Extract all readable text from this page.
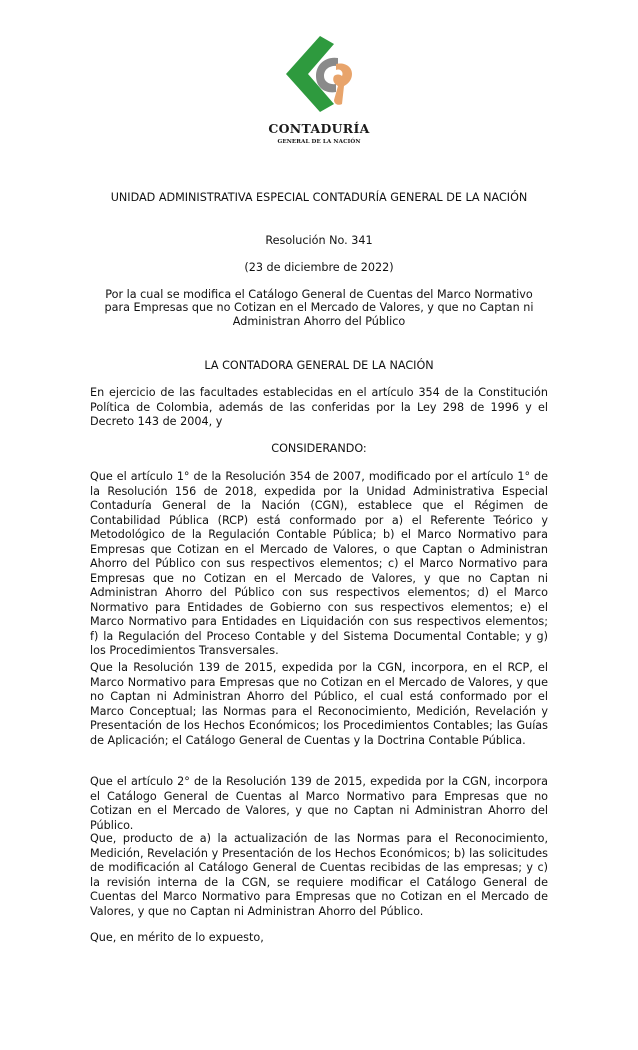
CONTADURÍA
GENERAL DE LA NACIÓN
UNIDAD ADMINISTRATIVA ESPECIAL CONTADURÍA GENERAL DE LA NACIÓN
Resolución No. 341
(23 de diciembre de 2022)
Por la cual se modifica el Catálogo General de Cuentas del Marco Normativo para Empresas que no Cotizan en el Mercado de Valores, y que no Captan ni Administran Ahorro del Público
LA CONTADORA GENERAL DE LA NACIÓN
En ejercicio de las facultades establecidas en el artículo 354 de la Constitución Política de Colombia, además de las conferidas por la Ley 298 de 1996 y el Decreto 143 de 2004, y
CONSIDERANDO:
Que el artículo 1° de la Resolución 354 de 2007, modificado por el artículo 1° de la Resolución 156 de 2018, expedida por la Unidad Administrativa Especial Contaduría General de la Nación (CGN), establece que el Régimen de Contabilidad Pública (RCP) está conformado por a) el Referente Teórico y Metodológico de la Regulación Contable Pública; b) el Marco Normativo para Empresas que Cotizan en el Mercado de Valores, o que Captan o Administran Ahorro del Público con sus respectivos elementos; c) el Marco Normativo para Empresas que no Cotizan en el Mercado de Valores, y que no Captan ni Administran Ahorro del Público con sus respectivos elementos; d) el Marco Normativo para Entidades de Gobierno con sus respectivos elementos; e) el Marco Normativo para Entidades en Liquidación con sus respectivos elementos; f) la Regulación del Proceso Contable y del Sistema Documental Contable; y g) los Procedimientos Transversales.
Que la Resolución 139 de 2015, expedida por la CGN, incorpora, en el RCP, el Marco Normativo para Empresas que no Cotizan en el Mercado de Valores, y que no Captan ni Administran Ahorro del Público, el cual está conformado por el Marco Conceptual; las Normas para el Reconocimiento, Medición, Revelación y Presentación de los Hechos Económicos; los Procedimientos Contables; las Guías de Aplicación; el Catálogo General de Cuentas y la Doctrina Contable Pública.
Que el artículo 2° de la Resolución 139 de 2015, expedida por la CGN, incorpora el Catálogo General de Cuentas al Marco Normativo para Empresas que no Cotizan en el Mercado de Valores, y que no Captan ni Administran Ahorro del Público.
Que, producto de a) la actualización de las Normas para el Reconocimiento, Medición, Revelación y Presentación de los Hechos Económicos; b) las solicitudes de modificación al Catálogo General de Cuentas recibidas de las empresas; y c) la revisión interna de la CGN, se requiere modificar el Catálogo General de Cuentas del Marco Normativo para Empresas que no Cotizan en el Mercado de Valores, y que no Captan ni Administran Ahorro del Público.
Que, en mérito de lo expuesto,
